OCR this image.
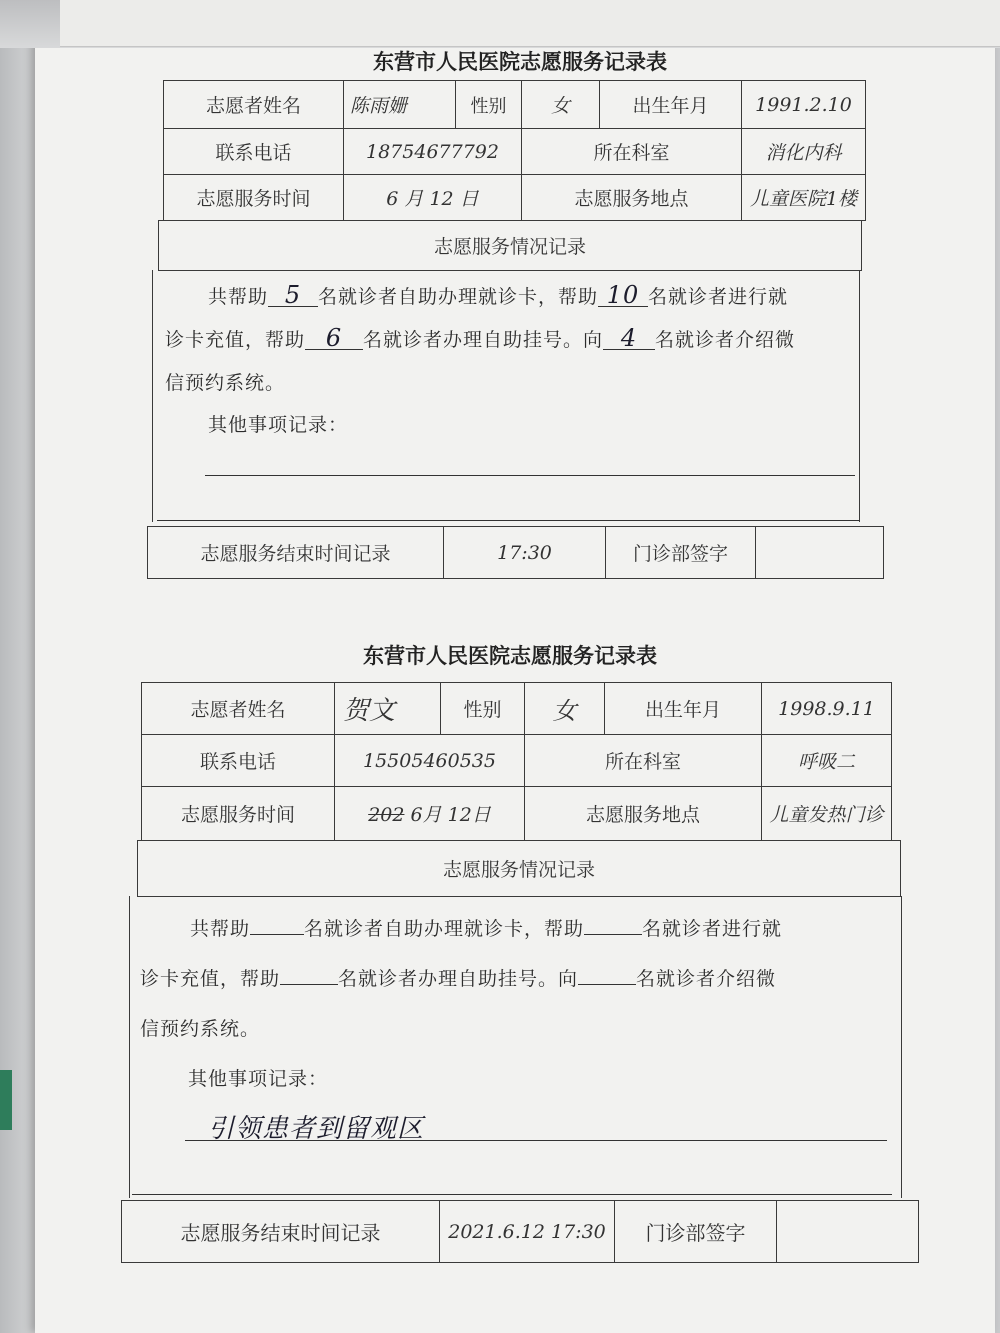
东营市人民医院志愿服务记录表
志愿者姓名	陈雨姗	性别	女	出生年月	1991.2.10
联系电话	18754677792		所在科室		消化内科
志愿服务时间	6 月 12 日		志愿服务地点		儿童医院1楼
志愿服务情况记录
共帮助 5 名就诊者自助办理就诊卡，帮助 10 名就诊者进行就
诊卡充值，帮助 6 名就诊者办理自助挂号。向 4 名就诊者介绍微
信预约系统。
其他事项记录：
志愿服务结束时间记录	17:30	门诊部签字	
东营市人民医院志愿服务记录表
志愿者姓名	贺文	性别	女	出生年月	1998.9.11
联系电话	15505460535		所在科室		呼吸二
志愿服务时间	202 6月 12日		志愿服务地点		儿童发热门诊
志愿服务情况记录
共帮助	名就诊者自助办理就诊卡，帮助	名就诊者进行就
诊卡充值，帮助	名就诊者办理自助挂号。向	名就诊者介绍微
信预约系统。
其他事项记录：
引领患者到留观区
志愿服务结束时间记录	2021.6.12 17:30	门诊部签字	
